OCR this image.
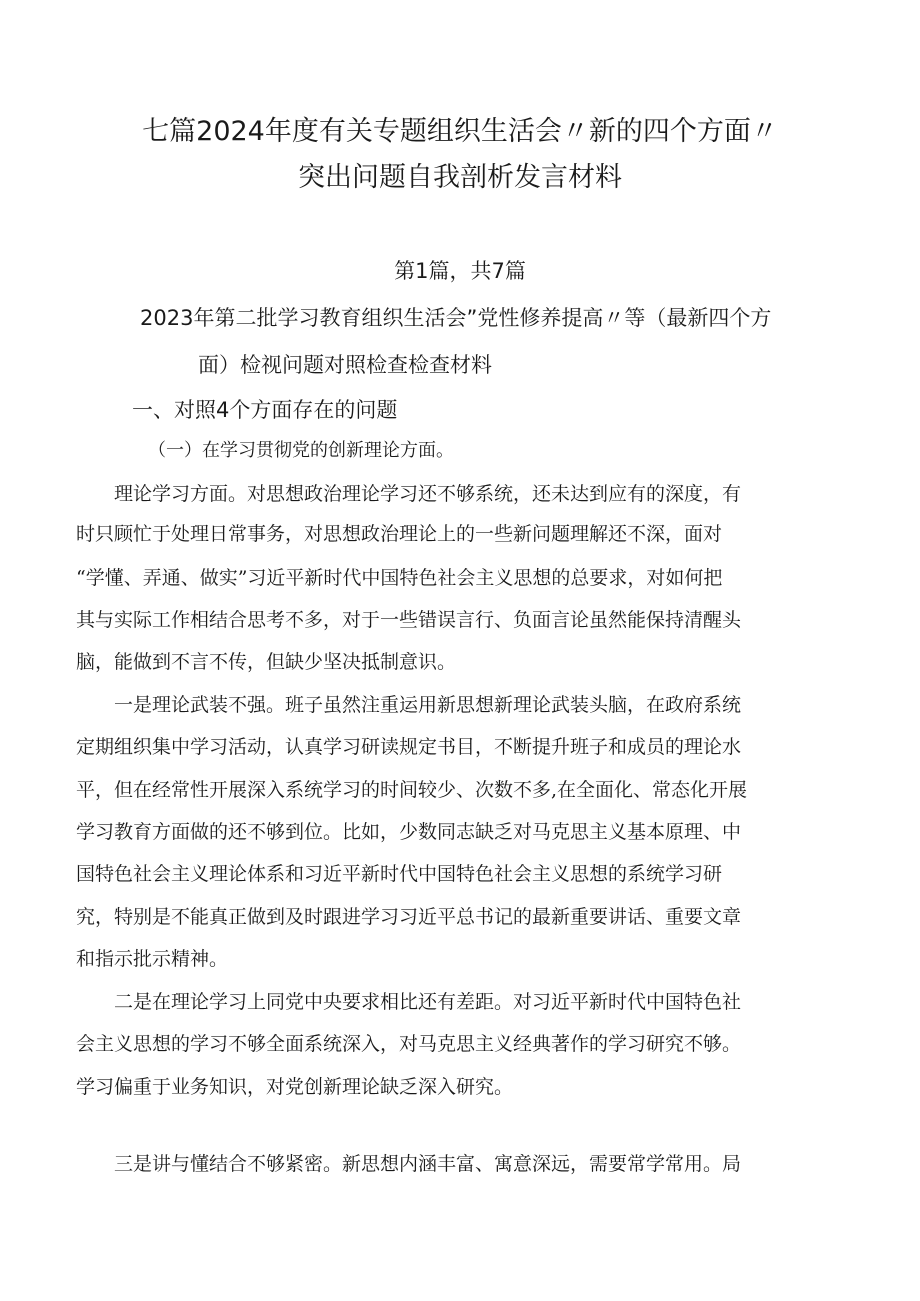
七篇2024年度有关专题组织生活会〃新的四个方面〃
突出问题自我剖析发言材料
第1篇，共7篇
2023年第二批学习教育组织生活会”党性修养提高〃等（最新四个方
面）检视问题对照检查检查材料
一、对照4个方面存在的问题
（一）在学习贯彻党的创新理论方面。
　　理论学习方面。对思想政治理论学习还不够系统，还未达到应有的深度，有
时只顾忙于处理日常事务，对思想政治理论上的一些新问题理解还不深，面对
“学懂、弄通、做实”习近平新时代中国特色社会主义思想的总要求，对如何把
其与实际工作相结合思考不多，对于一些错误言行、负面言论虽然能保持清醒头
脑，能做到不言不传，但缺少坚决抵制意识。
　　一是理论武装不强。班子虽然注重运用新思想新理论武装头脑，在政府系统
定期组织集中学习活动，认真学习研读规定书目，不断提升班子和成员的理论水
平，但在经常性开展深入系统学习的时间较少、次数不多,在全面化、常态化开展
学习教育方面做的还不够到位。比如，少数同志缺乏对马克思主义基本原理、中
国特色社会主义理论体系和习近平新时代中国特色社会主义思想的系统学习研
究，特别是不能真正做到及时跟进学习习近平总书记的最新重要讲话、重要文章
和指示批示精神。
　　二是在理论学习上同党中央要求相比还有差距。对习近平新时代中国特色社
会主义思想的学习不够全面系统深入，对马克思主义经典著作的学习研究不够。
学习偏重于业务知识，对党创新理论缺乏深入研究。
　　三是讲与懂结合不够紧密。新思想内涵丰富、寓意深远，需要常学常用。局
